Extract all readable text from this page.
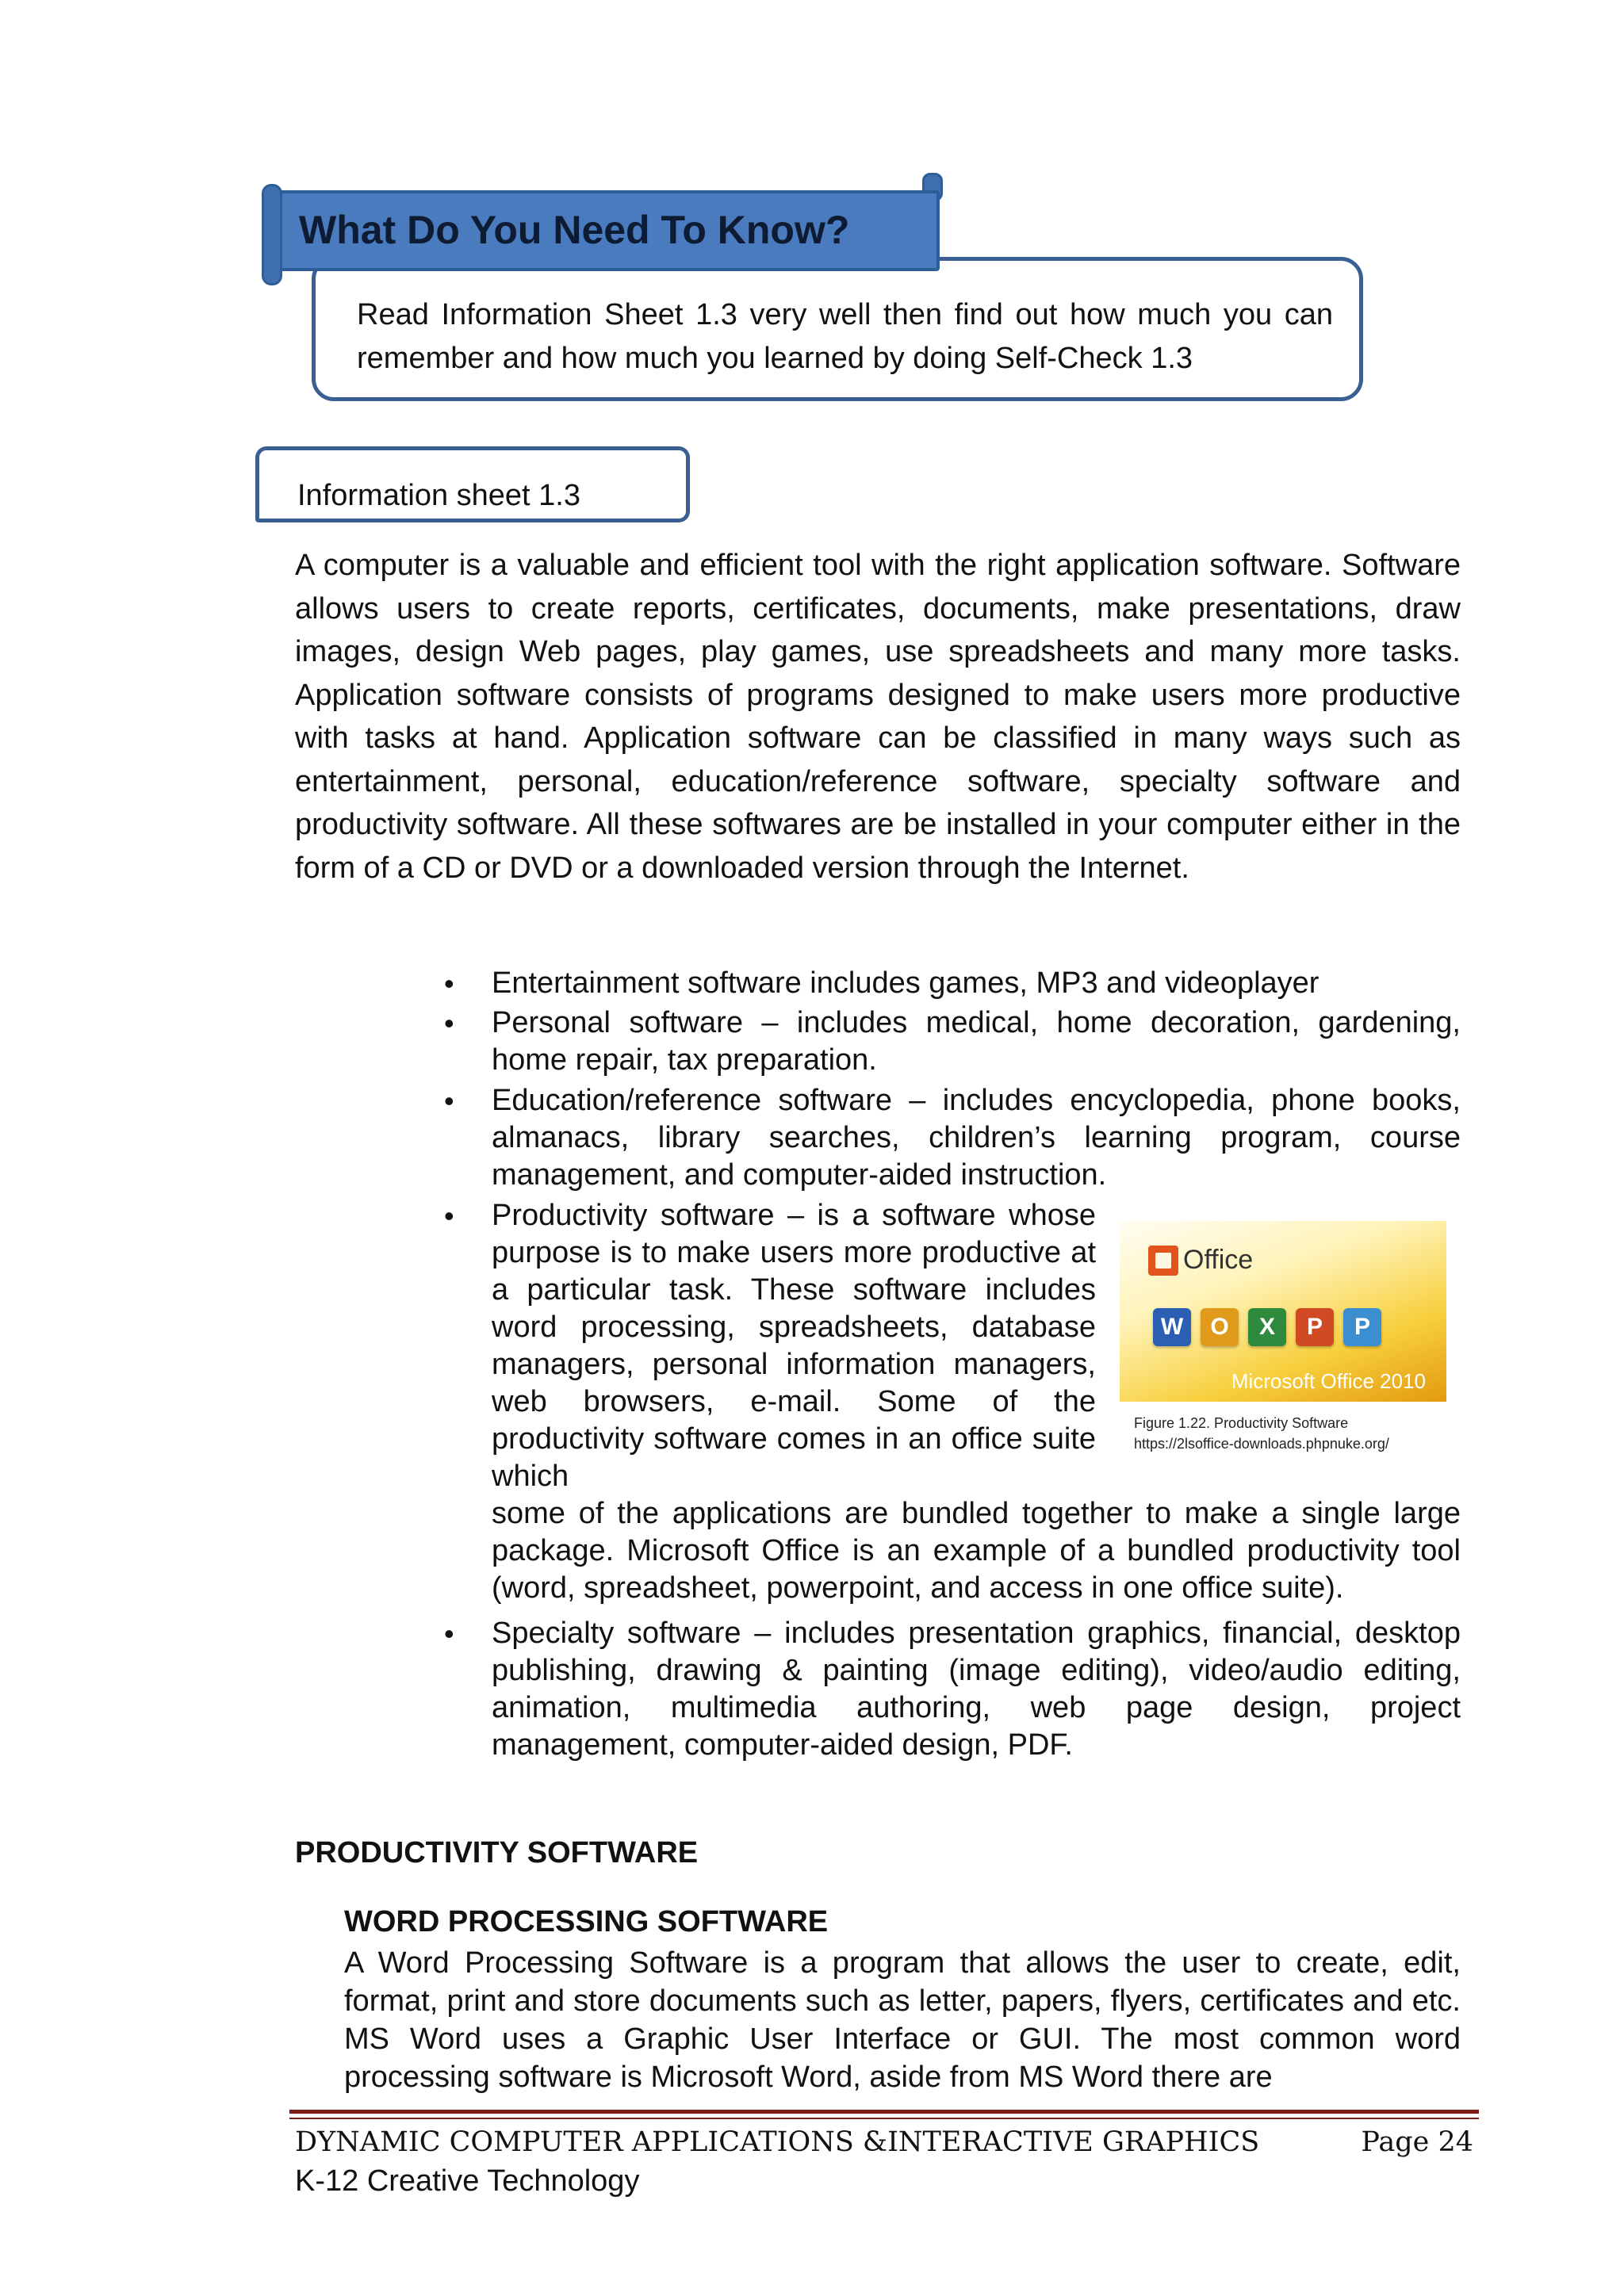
What Do You Need To Know?
Read Information Sheet 1.3 very well then find out how much you can remember and how much you learned by doing Self-Check 1.3
Information sheet 1.3

A computer is a valuable and efficient tool with the right application software. Software allows users to create reports, certificates, documents, make presentations, draw images, design Web pages, play games, use spreadsheets and many more tasks. Application software consists of programs designed to make users more productive with tasks at hand. Application software can be classified in many ways such as entertainment, personal, education/reference software, specialty software and productivity software. All these softwares are be installed in your computer either in the form of a CD or DVD or a downloaded version through the Internet.

• Entertainment software includes games, MP3 and videoplayer
• Personal software – includes medical, home decoration, gardening, home repair, tax preparation.
• Education/reference software – includes encyclopedia, phone books, almanacs, library searches, children’s learning program, course management, and computer-aided instruction.
• Productivity software – is a software whose purpose is to make users more productive at a particular task. These software includes word processing, spreadsheets, database managers, personal information managers, web browsers, e-mail. Some of the productivity software comes in an office suite which
some of the applications are bundled together to make a single large package. Microsoft Office is an example of a bundled productivity tool (word, spreadsheet, powerpoint, and access in one office suite).
• Specialty software – includes presentation graphics, financial, desktop publishing, drawing & painting (image editing), video/audio editing, animation, multimedia authoring, web page design, project management, computer-aided design, PDF.
Office
W	O	X	P	P
Microsoft Office 2010
Figure 1.22. Productivity Software
https://2lsoffice-downloads.phpnuke.org/
PRODUCTIVITY SOFTWARE
WORD PROCESSING SOFTWARE

A Word Processing Software is a program that allows the user to create, edit, format, print and store documents such as letter, papers, flyers, certificates and etc. MS Word uses a Graphic User Interface or GUI. The most common word processing software is Microsoft Word, aside from MS Word there are

DYNAMIC COMPUTER APPLICATIONS &INTERACTIVE GRAPHICS	Page 24
K-12 Creative Technology
